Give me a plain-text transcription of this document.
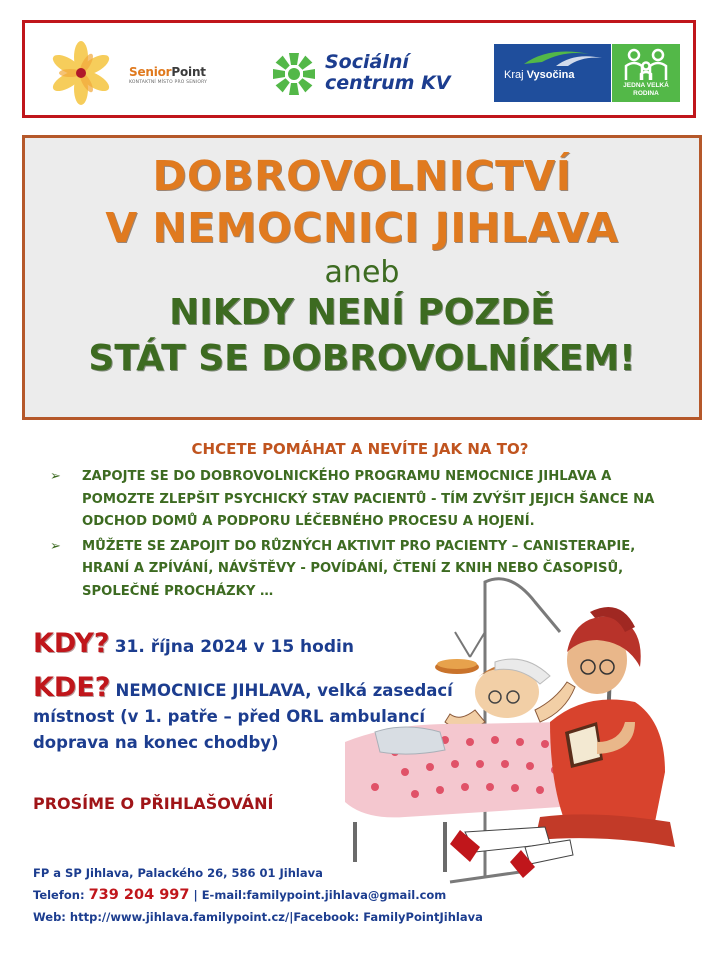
SeniorPoint
KONTAKTNÍ MÍSTO PRO SENIORY
Sociální
centrum KV	Kraj Vysočina
JEDNA VELKÁ
RODINA
DOBROVOLNICTVÍ
V NEMOCNICI JIHLAVA
aneb
NIKDY NENÍ POZDĚ
STÁT SE DOBROVOLNÍKEM!
CHCETE POMÁHAT A NEVÍTE JAK NA TO?
➢ ZAPOJTE SE DO DOBROVOLNICKÉHO PROGRAMU NEMOCNICE JIHLAVA A POMOZTE ZLEPŠIT PSYCHICKÝ STAV PACIENTŮ - TÍM ZVÝŠIT JEJICH ŠANCE NA ODCHOD DOMŮ A PODPORU LÉČEBNÉHO PROCESU A HOJENÍ.
➢ MŮŽETE SE ZAPOJIT DO RŮZNÝCH AKTIVIT PRO PACIENTY – CANISTERAPIE, HRANÍ A ZPÍVÁNÍ, NÁVŠTĚVY - POVÍDÁNÍ, ČTENÍ Z KNIH NEBO ČASOPISŮ, SPOLEČNÉ PROCHÁZKY …
KDY? 31. října 2024 v 15 hodin
KDE? NEMOCNICE JIHLAVA, velká zasedací místnost (v 1. patře – před ORL ambulancí doprava na konec chodby)
PROSÍME O PŘIHLAŠOVÁNÍ
FP a SP Jihlava, Palackého 26, 586 01 Jihlava
Telefon: 739 204 997 | E-mail:familypoint.jihlava@gmail.com
Web: http://www.jihlava.familypoint.cz/|Facebook: FamilyPointJihlava
